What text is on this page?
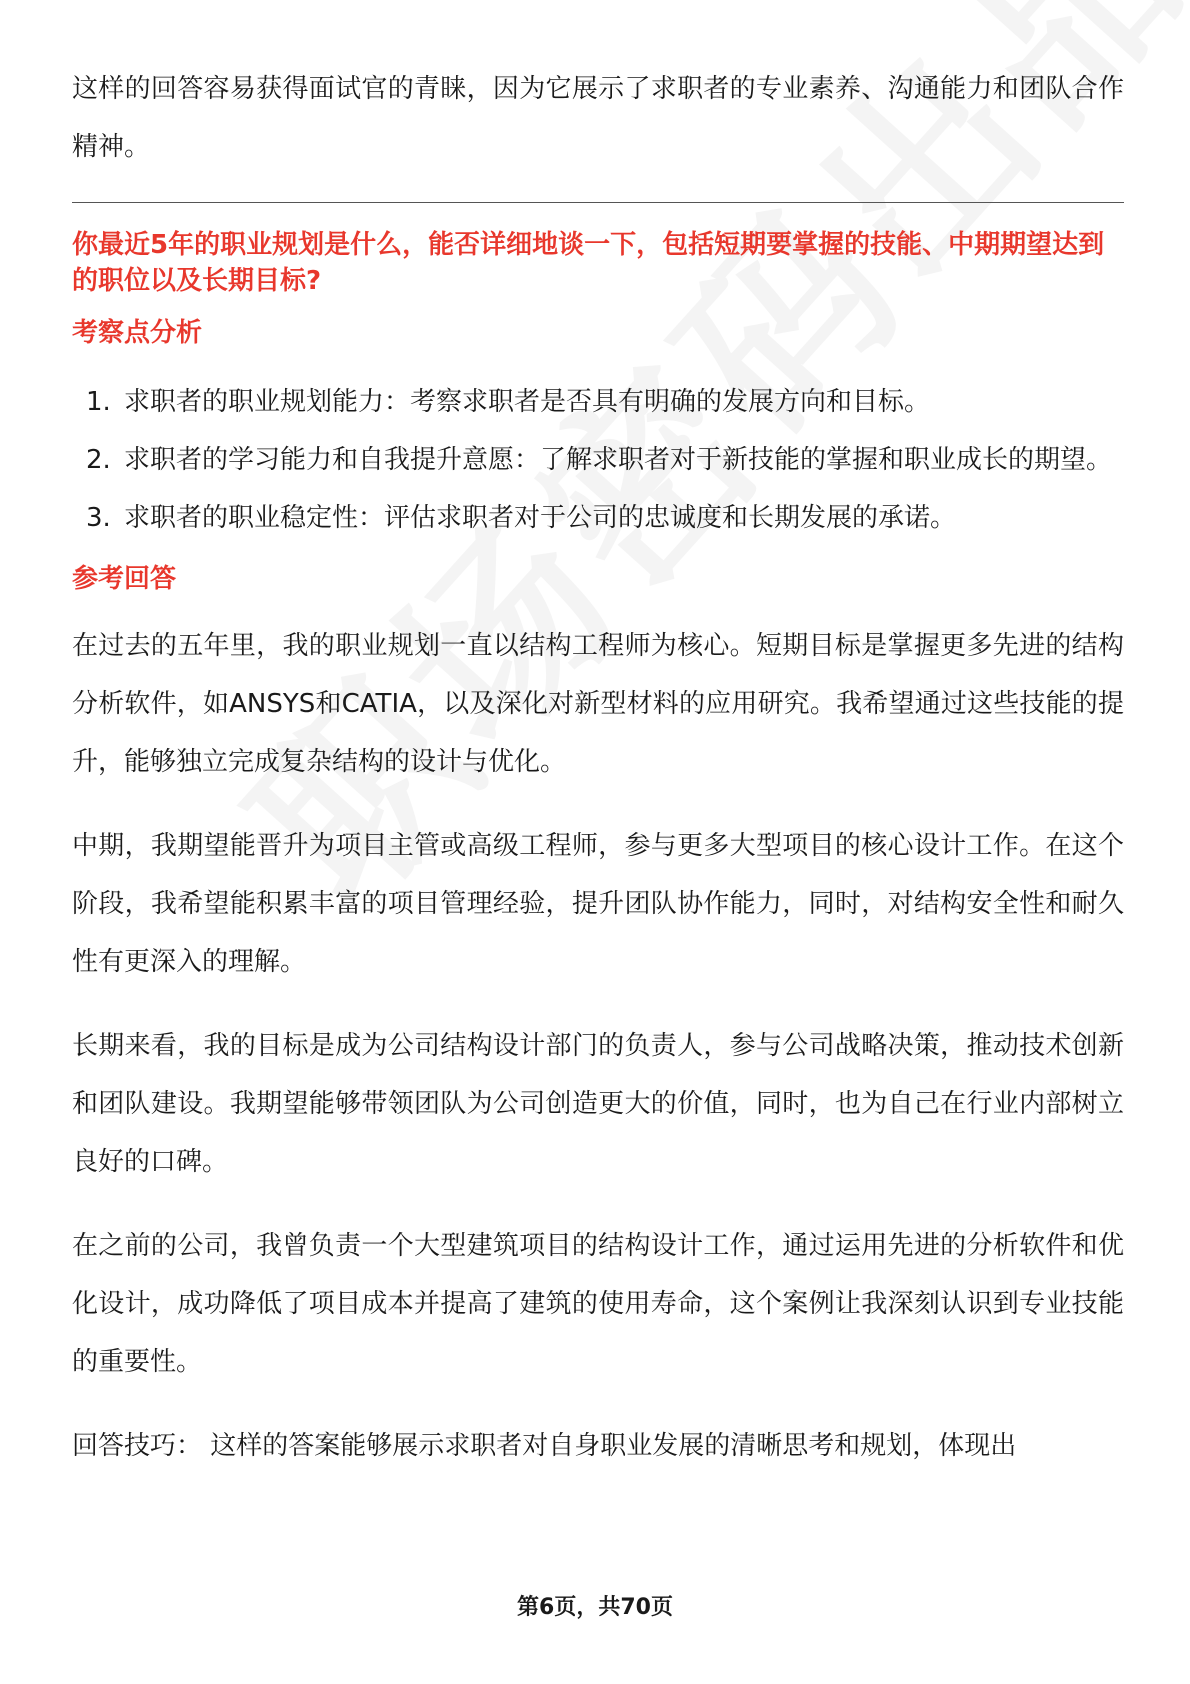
这样的回答容易获得面试官的青睐，因为它展示了求职者的专业素养、沟通能力和团队合作精神。

你最近5年的职业规划是什么，能否详细地谈一下，包括短期要掌握的技能、中期期望达到的职位以及长期目标?

考察点分析
1. 求职者的职业规划能力：考察求职者是否具有明确的发展方向和目标。
2. 求职者的学习能力和自我提升意愿：了解求职者对于新技能的掌握和职业成长的期望。
3. 求职者的职业稳定性：评估求职者对于公司的忠诚度和长期发展的承诺。
参考回答

在过去的五年里，我的职业规划一直以结构工程师为核心。短期目标是掌握更多先进的结构分析软件，如ANSYS和CATIA，以及深化对新型材料的应用研究。我希望通过这些技能的提升，能够独立完成复杂结构的设计与优化。

中期，我期望能晋升为项目主管或高级工程师，参与更多大型项目的核心设计工作。在这个阶段，我希望能积累丰富的项目管理经验，提升团队协作能力，同时，对结构安全性和耐久性有更深入的理解。

长期来看，我的目标是成为公司结构设计部门的负责人，参与公司战略决策，推动技术创新和团队建设。我期望能够带领团队为公司创造更大的价值，同时，也为自己在行业内部树立良好的口碑。

在之前的公司，我曾负责一个大型建筑项目的结构设计工作，通过运用先进的分析软件和优化设计，成功降低了项目成本并提高了建筑的使用寿命，这个案例让我深刻认识到专业技能的重要性。

回答技巧： 这样的答案能够展示求职者对自身职业发展的清晰思考和规划，体现出

第6页，共70页
